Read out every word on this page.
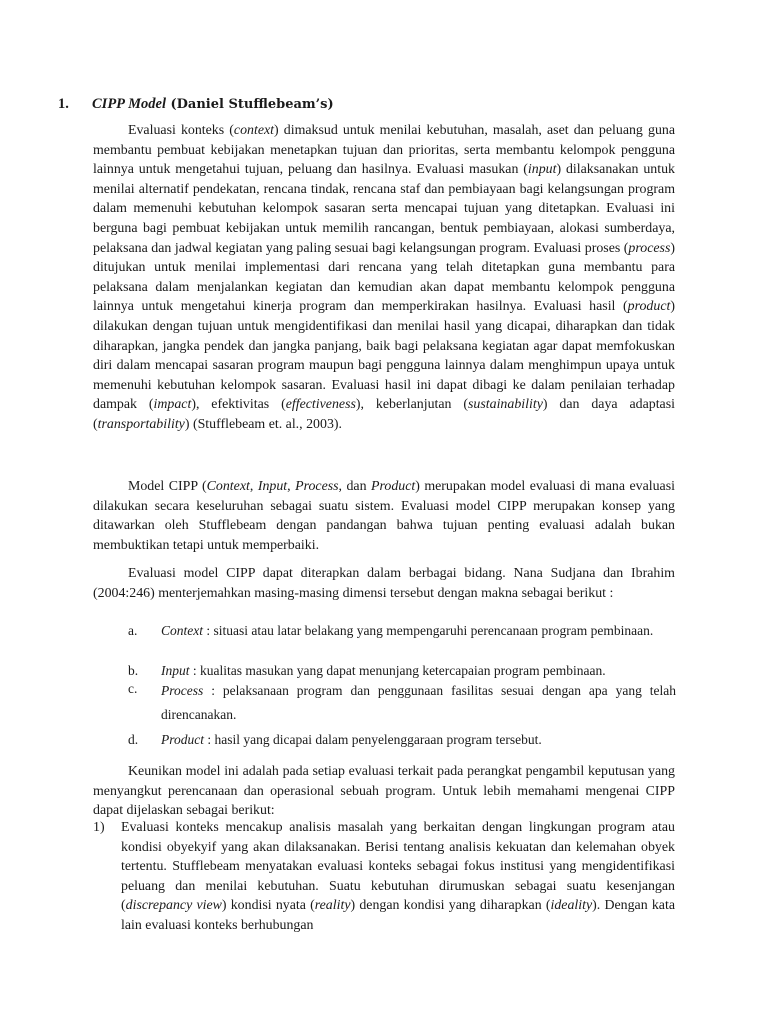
1. CIPP Model (Daniel Stufflebeam’s)

Evaluasi konteks (context) dimaksud untuk menilai kebutuhan, masalah, aset dan peluang guna membantu pembuat kebijakan menetapkan tujuan dan prioritas, serta membantu kelompok pengguna lainnya untuk mengetahui tujuan, peluang dan hasilnya. Evaluasi masukan (input) dilaksanakan untuk menilai alternatif pendekatan, rencana tindak, rencana staf dan pembiayaan bagi kelangsungan program dalam memenuhi kebutuhan kelompok sasaran serta mencapai tujuan yang ditetapkan. Evaluasi ini berguna bagi pembuat kebijakan untuk memilih rancangan, bentuk pembiayaan, alokasi sumberdaya, pelaksana dan jadwal kegiatan yang paling sesuai bagi kelangsungan program. Evaluasi proses (process) ditujukan untuk menilai implementasi dari rencana yang telah ditetapkan guna membantu para pelaksana dalam menjalankan kegiatan dan kemudian akan dapat membantu kelompok pengguna lainnya untuk mengetahui kinerja program dan memperkirakan hasilnya. Evaluasi hasil (product) dilakukan dengan tujuan untuk mengidentifikasi dan menilai hasil yang dicapai, diharapkan dan tidak diharapkan, jangka pendek dan jangka panjang, baik bagi pelaksana kegiatan agar dapat memfokuskan diri dalam mencapai sasaran program maupun bagi pengguna lainnya dalam menghimpun upaya untuk memenuhi kebutuhan kelompok sasaran. Evaluasi hasil ini dapat dibagi ke dalam penilaian terhadap dampak (impact), efektivitas (effectiveness), keberlanjutan (sustainability) dan daya adaptasi (transportability) (Stufflebeam et. al., 2003).

Model CIPP (Context, Input, Process, dan Product) merupakan model evaluasi di mana evaluasi dilakukan secara keseluruhan sebagai suatu sistem. Evaluasi model CIPP merupakan konsep yang ditawarkan oleh Stufflebeam dengan pandangan bahwa tujuan penting evaluasi adalah bukan membuktikan tetapi untuk memperbaiki.

Evaluasi model CIPP dapat diterapkan dalam berbagai bidang. Nana Sudjana dan Ibrahim (2004:246) menterjemahkan masing-masing dimensi tersebut dengan makna sebagai berikut :

a.	Context : situasi atau latar belakang yang mempengaruhi perencanaan program pembinaan.
b.	Input : kualitas masukan yang dapat menunjang ketercapaian program pembinaan.
c.	Process : pelaksanaan program dan penggunaan fasilitas sesuai dengan apa yang telah direncanakan.
d.	Product : hasil yang dicapai dalam penyelenggaraan program tersebut.

Keunikan model ini adalah pada setiap evaluasi terkait pada perangkat pengambil keputusan yang menyangkut perencanaan dan operasional sebuah program. Untuk lebih memahami mengenai CIPP dapat dijelaskan sebagai berikut:

1)	Evaluasi konteks mencakup analisis masalah yang berkaitan dengan lingkungan program atau kondisi obyekyif yang akan dilaksanakan. Berisi tentang analisis kekuatan dan kelemahan obyek tertentu. Stufflebeam menyatakan evaluasi konteks sebagai fokus institusi yang mengidentifikasi peluang dan menilai kebutuhan. Suatu kebutuhan dirumuskan sebagai suatu kesenjangan (discrepancy view) kondisi nyata (reality) dengan kondisi yang diharapkan (ideality). Dengan kata lain evaluasi konteks berhubungan
